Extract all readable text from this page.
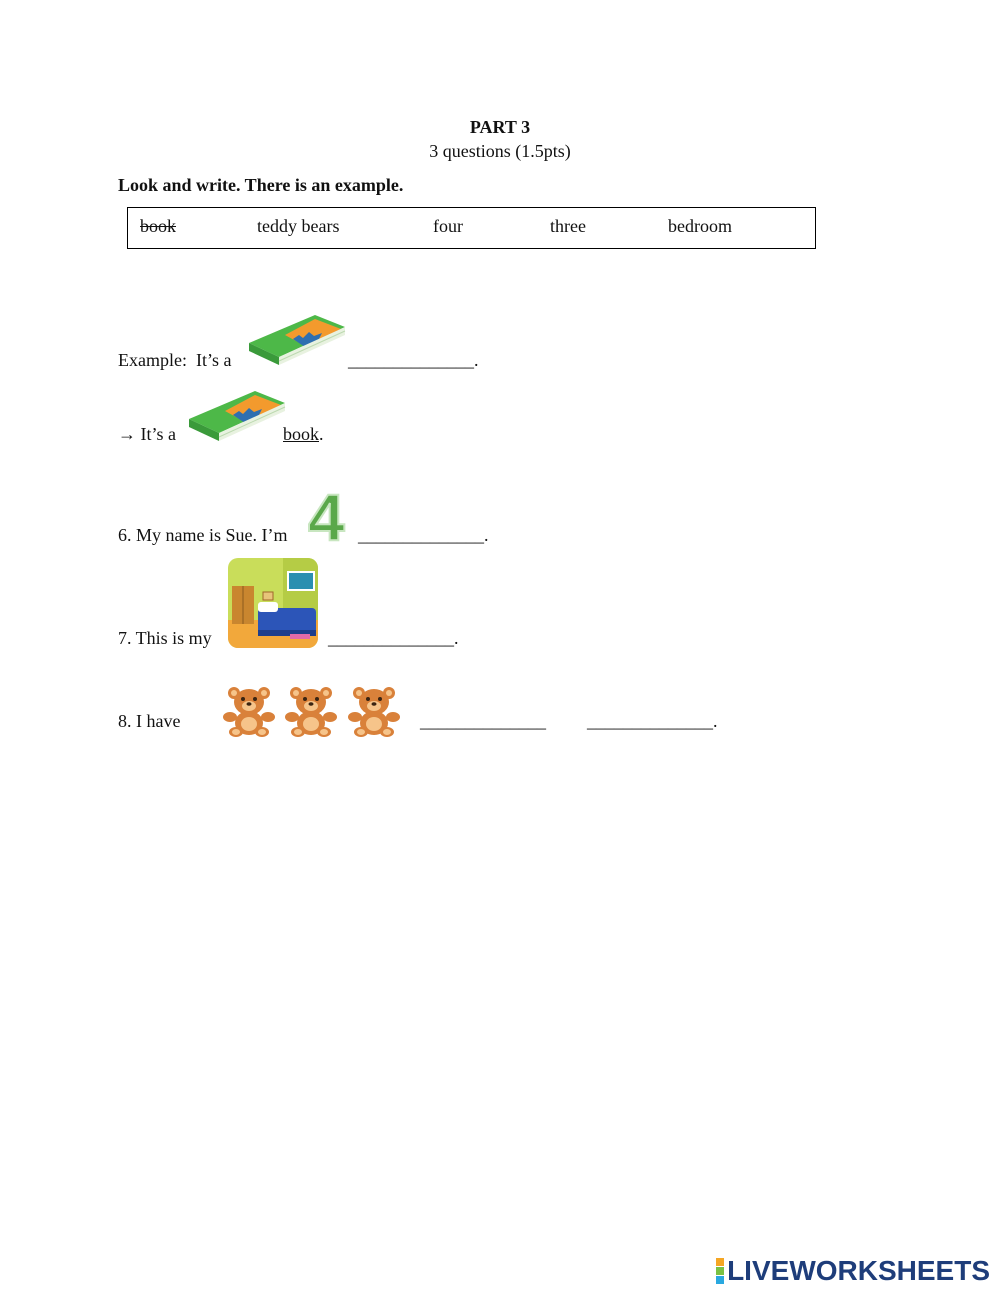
PART 3
3 questions (1.5pts)
Look and write. There is an example.
book	teddy bears	four	three	bedroom
Example:  It’s a	______________.
→ It’s a	book.
6. My name is Sue. I’m 4 ______________.
7. This is my	______________.
8. I have	______________ ______________.
LIVEWORKSHEETS
